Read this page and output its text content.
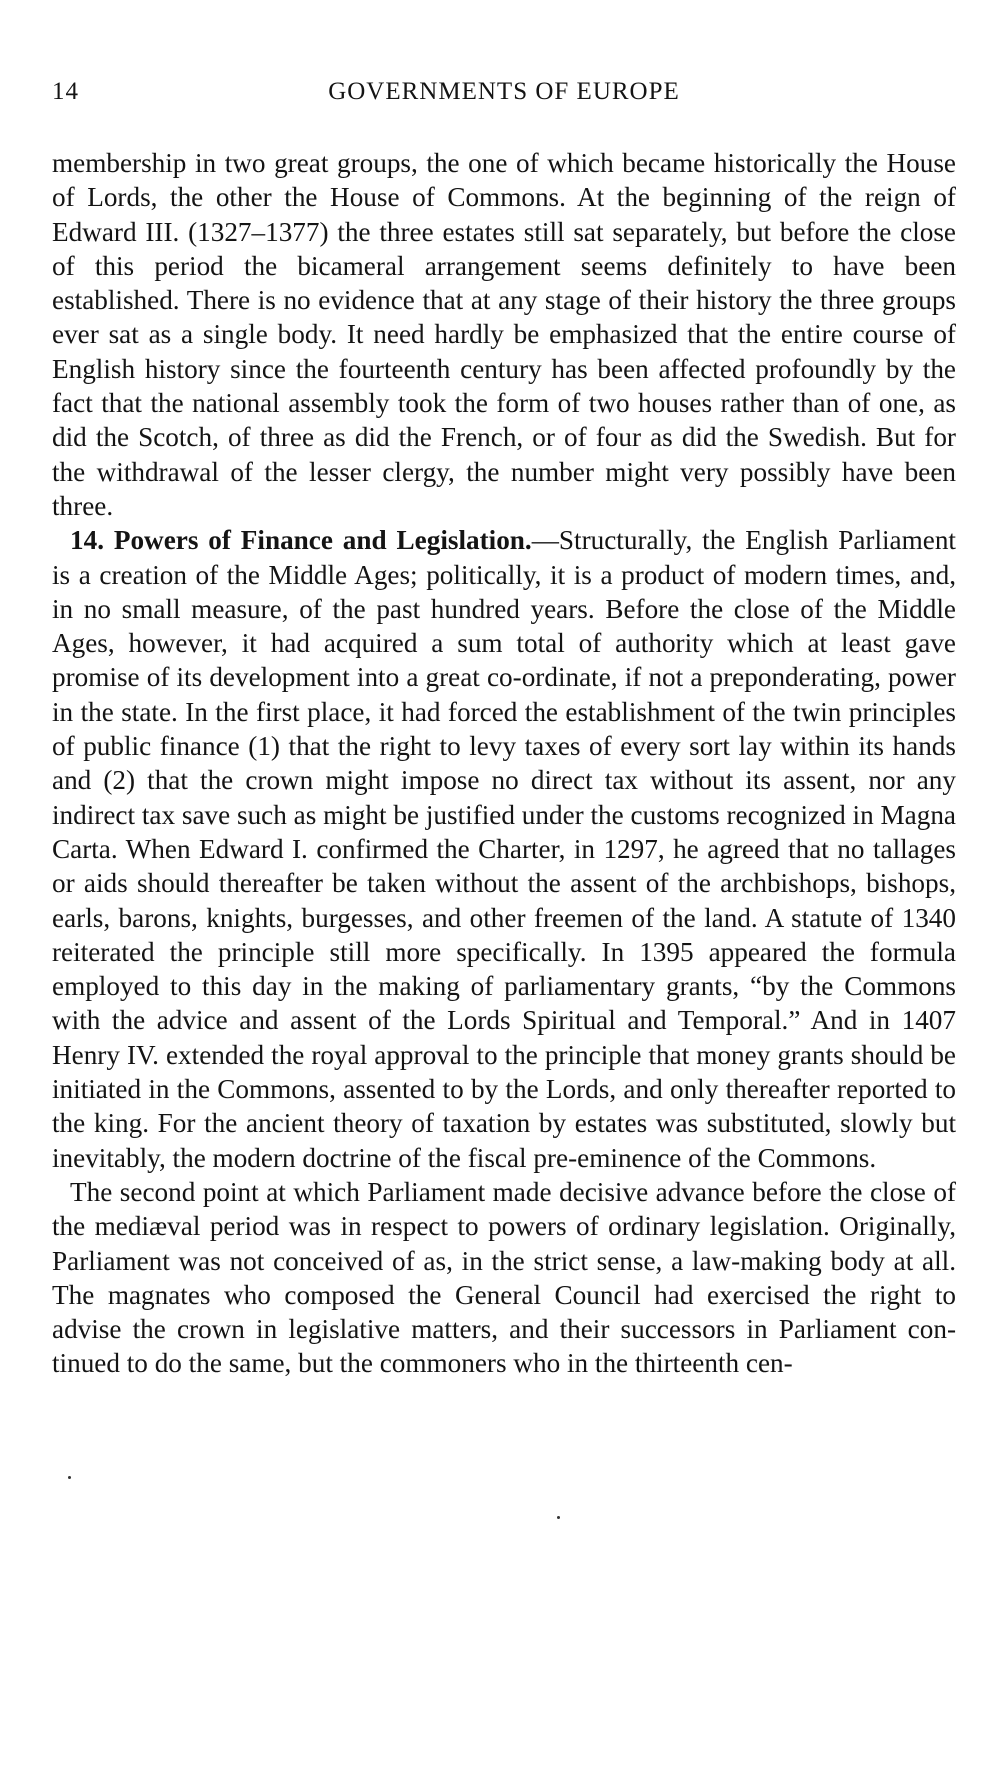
14	GOVERNMENTS OF EUROPE

membership in two great groups, the one of which became historically the House of Lords, the other the House of Commons. At the beginning of the reign of Edward III. (1327–1377) the three estates still sat separately, but before the close of this period the bicameral arrangement seems definitely to have been established. There is no evidence that at any stage of their history the three groups ever sat as a single body. It need hardly be emphasized that the entire course of English history since the fourteenth century has been affected profoundly by the fact that the national assembly took the form of two houses rather than of one, as did the Scotch, of three as did the French, or of four as did the Swedish. But for the withdrawal of the lesser clergy, the number might very possibly have been three.

14. Powers of Finance and Legislation.—Structurally, the English Parliament is a creation of the Middle Ages; politically, it is a product of modern times, and, in no small measure, of the past hundred years. Before the close of the Middle Ages, however, it had acquired a sum total of authority which at least gave promise of its development into a great co-ordinate, if not a preponderating, power in the state. In the first place, it had forced the establishment of the twin principles of public finance (1) that the right to levy taxes of every sort lay within its hands and (2) that the crown might impose no direct tax without its assent, nor any indirect tax save such as might be justified under the customs recognized in Magna Carta. When Edward I. confirmed the Charter, in 1297, he agreed that no tallages or aids should thereafter be taken without the assent of the archbishops, bishops, earls, barons, knights, burgesses, and other freemen of the land. A statute of 1340 reiterated the principle still more specifically. In 1395 appeared the formula employed to this day in the making of parliamentary grants, “by the Commons with the advice and assent of the Lords Spiritual and Temporal.” And in 1407 Henry IV. extended the royal approval to the principle that money grants should be initiated in the Commons, assented to by the Lords, and only thereafter reported to the king. For the ancient theory of taxation by estates was substituted, slowly but inevitably, the modern doctrine of the fiscal pre-eminence of the Commons.

The second point at which Parliament made decisive advance before the close of the mediæval period was in respect to powers of ordinary legislation. Originally, Parliament was not conceived of as, in the strict sense, a law-making body at all. The magnates who composed the General Council had exercised the right to advise the crown in legislative matters, and their successors in Parliament continued to do the same, but the commoners who in the thirteenth cen-
